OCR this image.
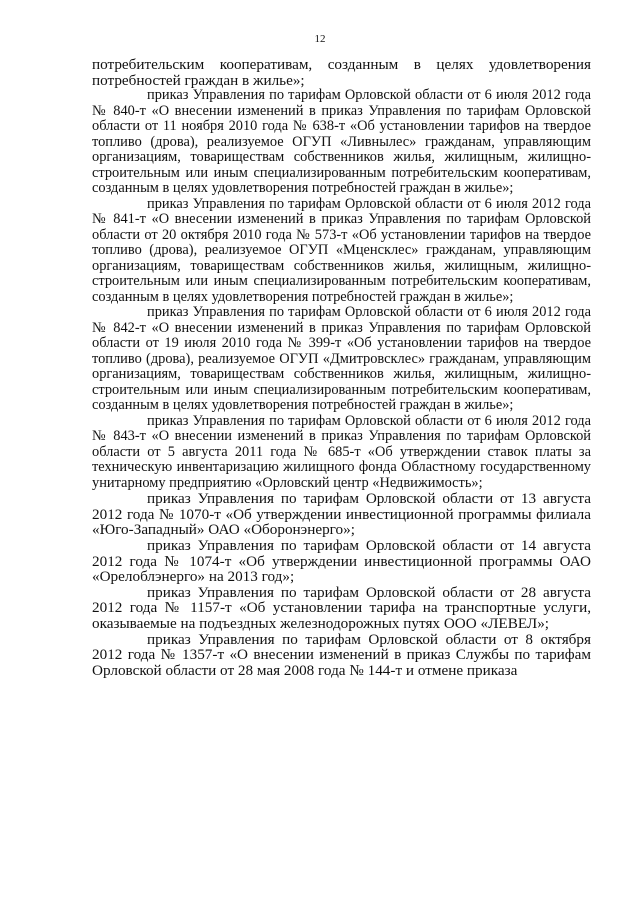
12

потребительским кооперативам, созданным в целях удовлетворения потребностей граждан в жилье»;

приказ Управления по тарифам Орловской области от 6 июля 2012 года № 840-т «О внесении изменений в приказ Управления по тарифам Орловской области от 11 ноября 2010 года № 638-т «Об установлении тарифов на твердое топливо (дрова), реализуемое ОГУП «Ливнылес» гражданам, управляющим организациям, товариществам собственников жилья, жилищным, жилищно-строительным или иным специализированным потребительским кооперативам, созданным в целях удовлетворения потребностей граждан в жилье»;

приказ Управления по тарифам Орловской области от 6 июля 2012 года № 841-т «О внесении изменений в приказ Управления по тарифам Орловской области от 20 октября 2010 года № 573-т «Об установлении тарифов на твердое топливо (дрова), реализуемое ОГУП «Мценсклес» гражданам, управляющим организациям, товариществам собственников жилья, жилищным, жилищно-строительным или иным специализированным потребительским кооперативам, созданным в целях удовлетворения потребностей граждан в жилье»;

приказ Управления по тарифам Орловской области от 6 июля 2012 года № 842-т «О внесении изменений в приказ Управления по тарифам Орловской области от 19 июля 2010 года № 399-т «Об установлении тарифов на твердое топливо (дрова), реализуемое ОГУП «Дмитровсклес» гражданам, управляющим организациям, товариществам собственников жилья, жилищным, жилищно-строительным или иным специализированным потребительским кооперативам, созданным в целях удовлетворения потребностей граждан в жилье»;

приказ Управления по тарифам Орловской области от 6 июля 2012 года № 843-т «О внесении изменений в приказ Управления по тарифам Орловской области от 5 августа 2011 года № 685-т «Об утверждении ставок платы за техническую инвентаризацию жилищного фонда Областному государственному унитарному предприятию «Орловский центр «Недвижимость»;

приказ Управления по тарифам Орловской области от 13 августа 2012 года № 1070-т «Об утверждении инвестиционной программы филиала «Юго-Западный» ОАО «Оборонэнерго»;

приказ Управления по тарифам Орловской области от 14 августа 2012 года № 1074-т «Об утверждении инвестиционной программы ОАО «Орелоблэнерго» на 2013 год»;

приказ Управления по тарифам Орловской области от 28 августа 2012 года № 1157-т «Об установлении тарифа на транспортные услуги, оказываемые на подъездных железнодорожных путях ООО «ЛЕВЕЛ»;

приказ Управления по тарифам Орловской области от 8 октября 2012 года № 1357-т «О внесении изменений в приказ Службы по тарифам Орловской области от 28 мая 2008 года № 144-т и отмене приказа
